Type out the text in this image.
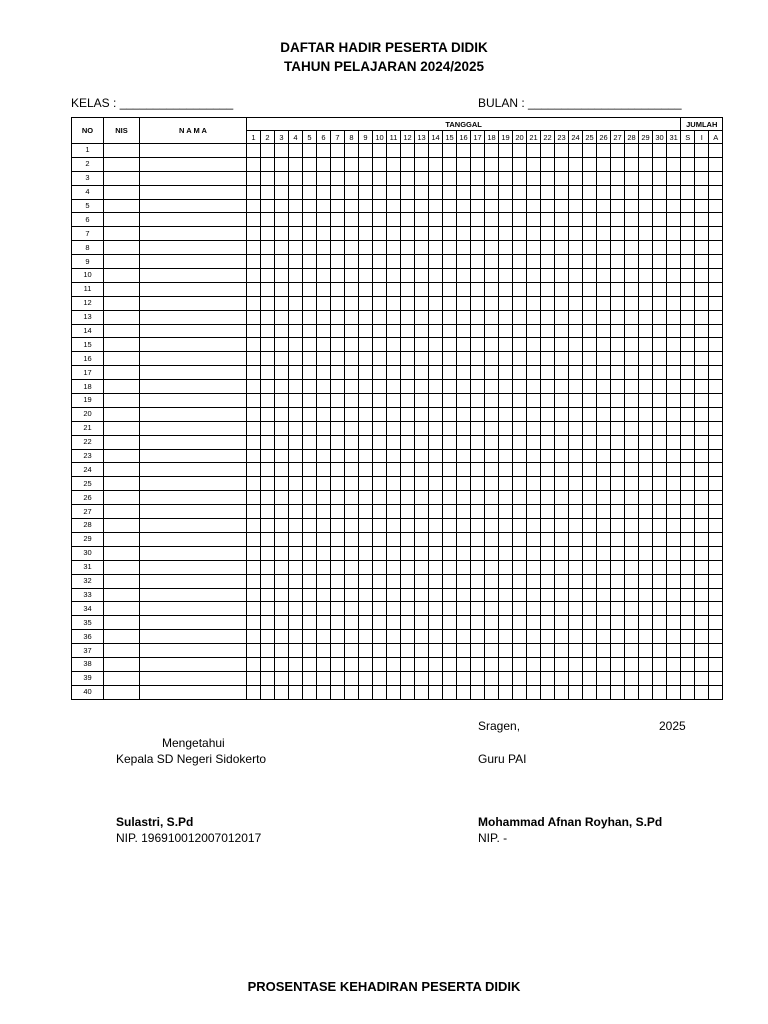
DAFTAR HADIR PESERTA DIDIK
TAHUN PELAJARAN 2024/2025
KELAS : _________________	BULAN : _______________________
NO	NIS	N A M A	TANGGAL																															JUMLAH		
			1	2	3	4	5	6	7	8	9	10	11	12	13	14	15	16	17	18	19	20	21	22	23	24	25	26	27	28	29	30	31	S	I	A
1																																				
2																																				
3																																				
4																																				
5																																				
6																																				
7																																				
8																																				
9																																				
10																																				
11																																				
12																																				
13																																				
14																																				
15																																				
16																																				
17																																				
18																																				
19																																				
20																																				
21																																				
22																																				
23																																				
24																																				
25																																				
26																																				
27																																				
28																																				
29																																				
30																																				
31																																				
32																																				
33																																				
34																																				
35																																				
36																																				
37																																				
38																																				
39																																				
40																																				
Sragen,	2025
Mengetahui
Kepala SD Negeri Sidokerto	Guru PAI
Sulastri, S.Pd
NIP. 196910012007012017
Mohammad Afnan Royhan, S.Pd
NIP. -
PROSENTASE KEHADIRAN PESERTA DIDIK
